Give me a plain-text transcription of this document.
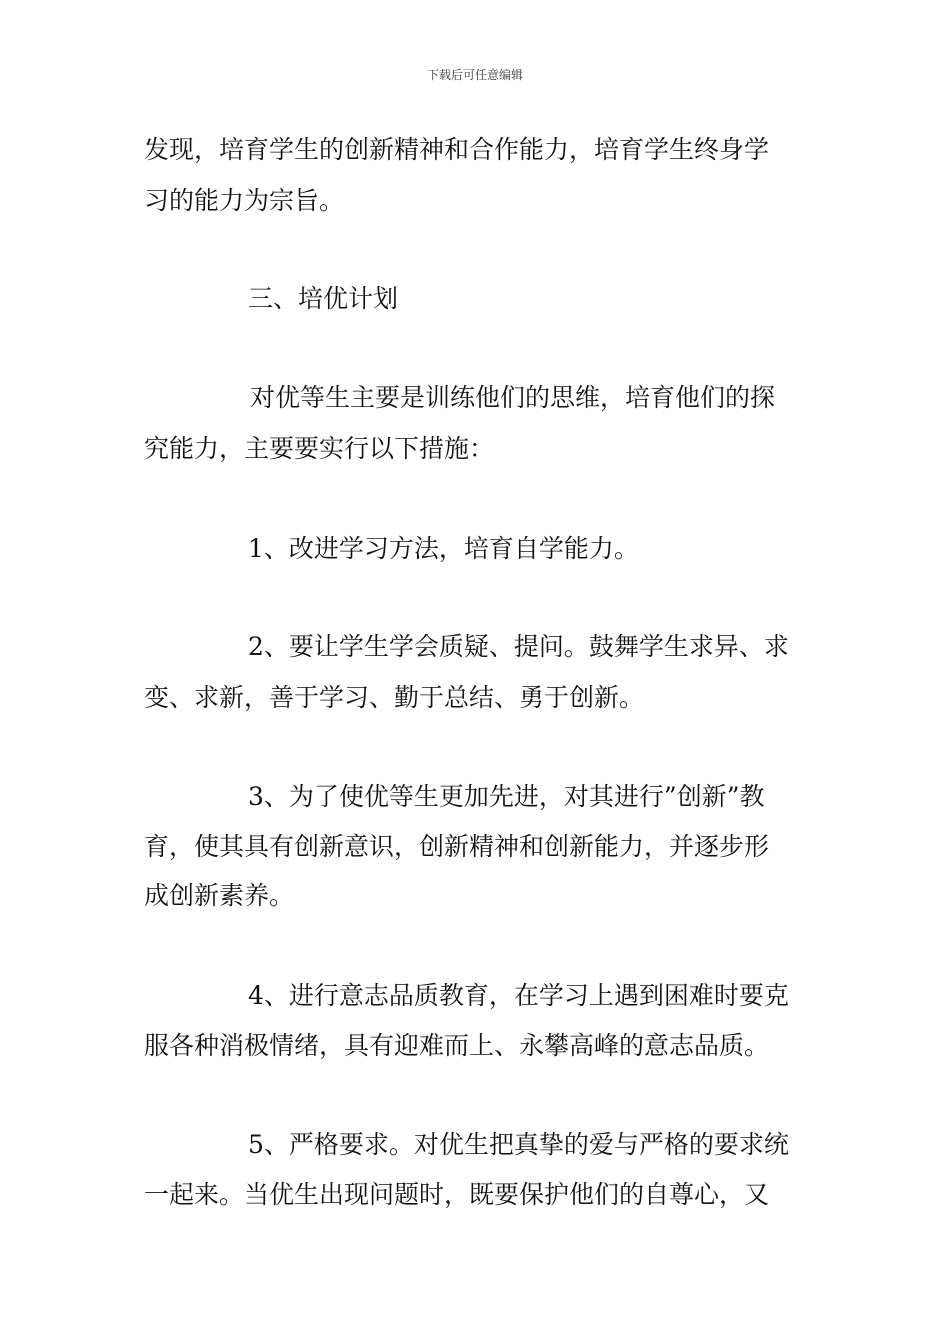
下载后可任意编辑
发现，培育学生的创新精神和合作能力，培育学生终身学
习的能力为宗旨。
三、培优计划
对优等生主要是训练他们的思维，培育他们的探
究能力，主要要实行以下措施：
1、改进学习方法，培育自学能力。
2、要让学生学会质疑、提问。鼓舞学生求异、求
变、求新，善于学习、勤于总结、勇于创新。
3、为了使优等生更加先进，对其进行”创新”教
育，使其具有创新意识，创新精神和创新能力，并逐步形
成创新素养。
4、进行意志品质教育，在学习上遇到困难时要克
服各种消极情绪，具有迎难而上、永攀高峰的意志品质。
5、严格要求。对优生把真挚的爱与严格的要求统
一起来。当优生出现问题时，既要保护他们的自尊心，又
